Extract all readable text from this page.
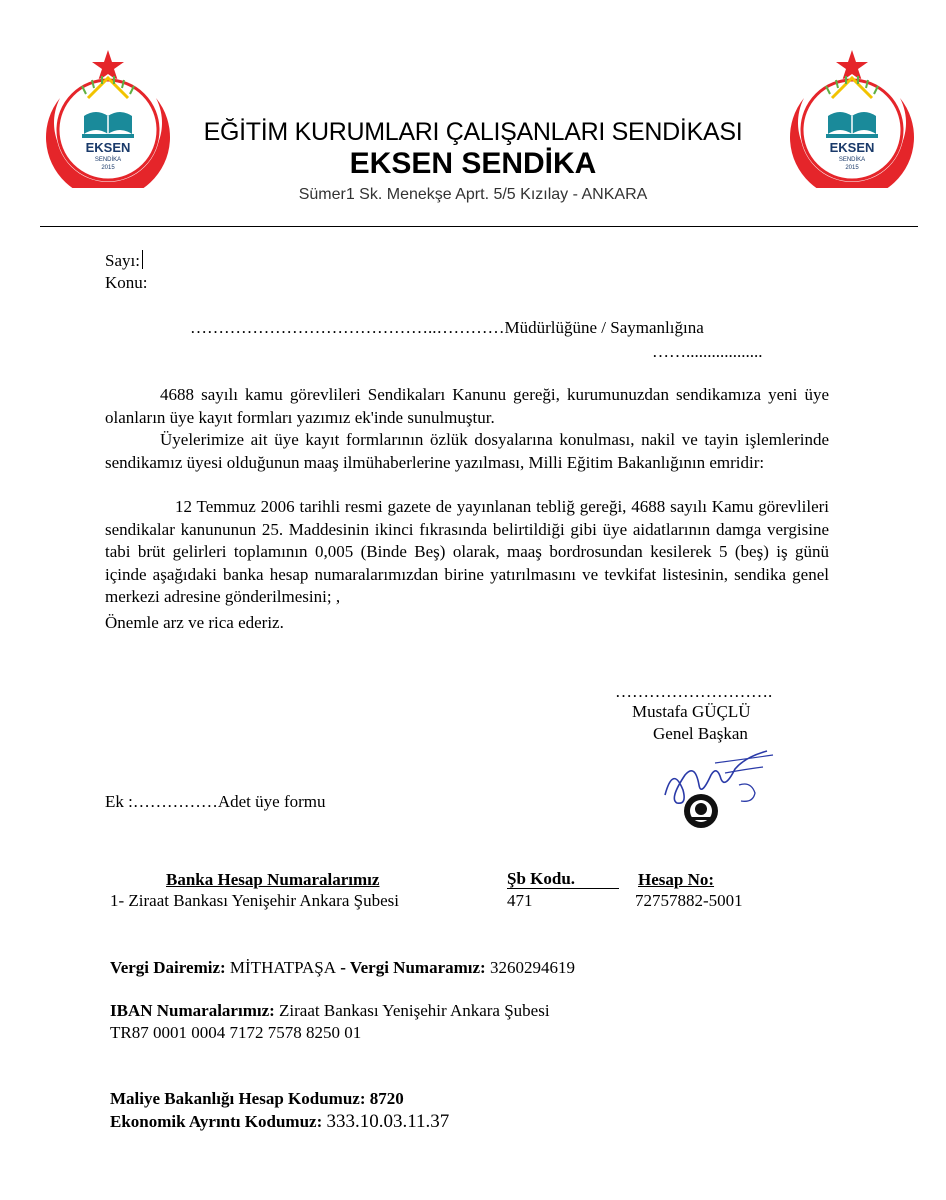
EKSEN
SENDİKA
2015
EKSEN
SENDİKA
2015
EĞİTİM KURUMLARI ÇALIŞANLARI SENDİKASI
EKSEN SENDİKA
Sümer1 Sk. Menekşe Aprt. 5/5 Kızılay - ANKARA
Sayı:
Konu:
……………………………………..…………Müdürlüğüne / Saymanlığına
……..................
4688 sayılı kamu görevlileri Sendikaları Kanunu gereği, kurumunuzdan sendikamıza yeni üye olanların üye kayıt formları yazımız ek'inde sunulmuştur.
Üyelerimize ait üye kayıt formlarının özlük dosyalarına konulması, nakil ve tayin işlemlerinde sendikamız üyesi olduğunun maaş ilmühaberlerine yazılması, Milli Eğitim Bakanlığının emridir:
12 Temmuz 2006 tarihli resmi gazete de yayınlanan tebliğ gereği, 4688 sayılı Kamu görevlileri sendikalar kanununun 25. Maddesinin ikinci fıkrasında belirtildiği gibi üye aidatlarının damga vergisine tabi brüt gelirleri toplamının 0,005 (Binde Beş) olarak, maaş bordrosundan kesilerek 5 (beş) iş günü içinde aşağıdaki banka hesap numaralarımızdan birine yatırılmasını ve tevkifat listesinin, sendika genel merkezi adresine gönderilmesini; ,
Önemle arz ve rica ederiz.
……………………….
Mustafa GÜÇLÜ
Genel Başkan
Ek :……………Adet üye formu
Banka Hesap Numaralarımız	Şb Kodu.	Hesap No:
1- Ziraat Bankası Yenişehir Ankara Şubesi	471	72757882-5001
Vergi Dairemiz: MİTHATPAŞA - Vergi Numaramız: 3260294619
IBAN Numaralarımız: Ziraat Bankası Yenişehir Ankara Şubesi
TR87 0001 0004 7172 7578 8250 01
Maliye Bakanlığı Hesap Kodumuz: 8720
Ekonomik Ayrıntı Kodumuz: 333.10.03.11.37
